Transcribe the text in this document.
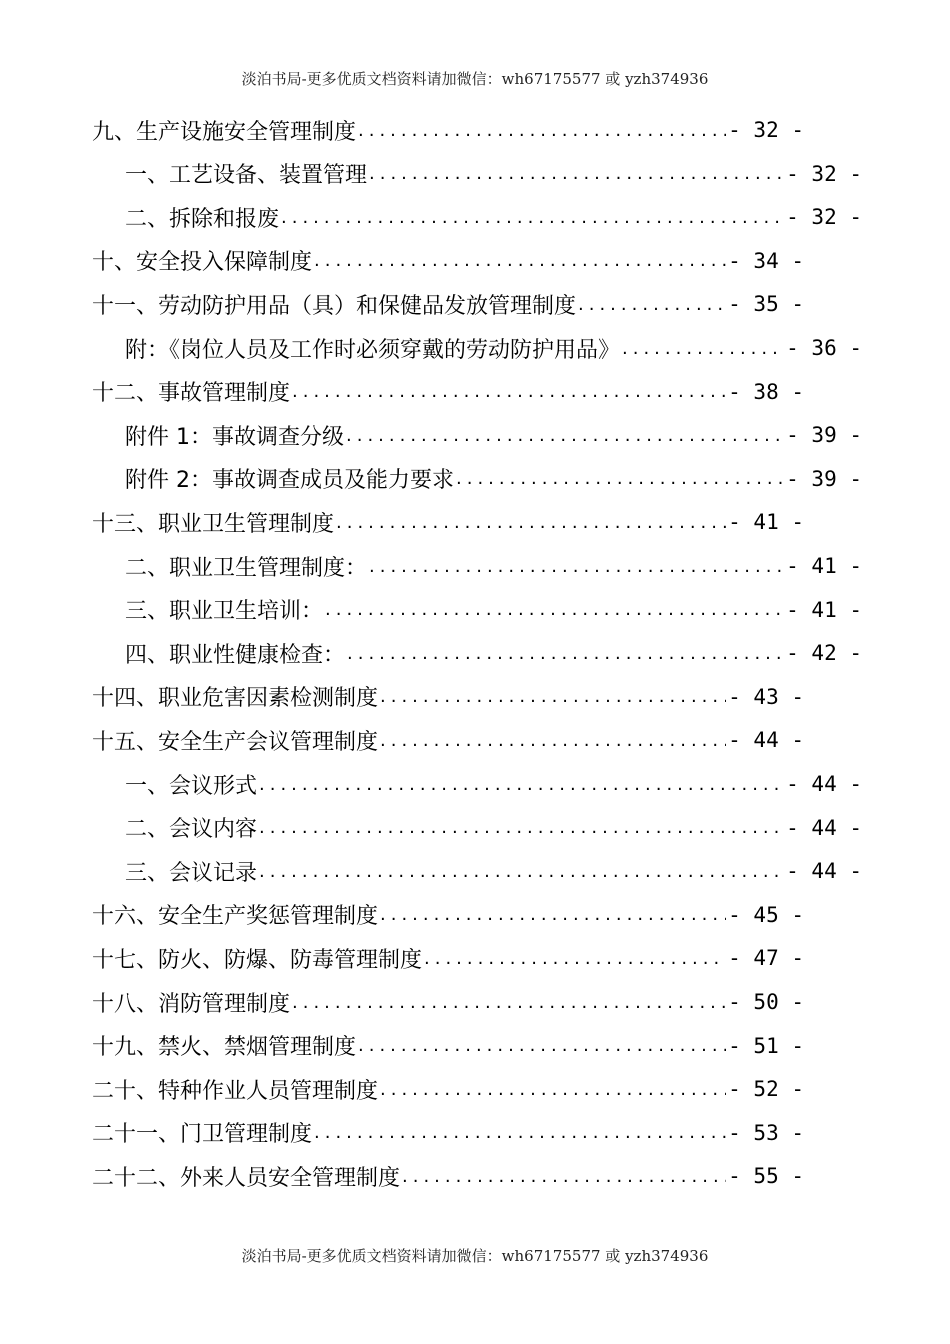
淡泊书局-更多优质文档资料请加微信：wh67175577 或 yzh374936
九、生产设施安全管理制度 .....	- 32 -
一、工艺设备、装置管理 .....	- 32 -
二、拆除和报废 .....	- 32 -
十、安全投入保障制度 .....	- 34 -
十一、劳动防护用品（具）和保健品发放管理制度 .....	- 35 -
附：《岗位人员及工作时必须穿戴的劳动防护用品》 .....	- 36 -
十二、事故管理制度 .....	- 38 -
附件 1：事故调查分级 .....	- 39 -
附件 2：事故调查成员及能力要求 .....	- 39 -
十三、职业卫生管理制度 .....	- 41 -
二、职业卫生管理制度： .....	- 41 -
三、职业卫生培训： .....	- 41 -
四、职业性健康检查： .....	- 42 -
十四、职业危害因素检测制度 .....	- 43 -
十五、安全生产会议管理制度 .....	- 44 -
一、会议形式 .....	- 44 -
二、会议内容 .....	- 44 -
三、会议记录 .....	- 44 -
十六、安全生产奖惩管理制度 .....	- 45 -
十七、防火、防爆、防毒管理制度 .....	- 47 -
十八、消防管理制度 .....	- 50 -
十九、禁火、禁烟管理制度 .....	- 51 -
二十、特种作业人员管理制度 .....	- 52 -
二十一、门卫管理制度 .....	- 53 -
二十二、外来人员安全管理制度 .....	- 55 -
淡泊书局-更多优质文档资料请加微信：wh67175577 或 yzh374936
